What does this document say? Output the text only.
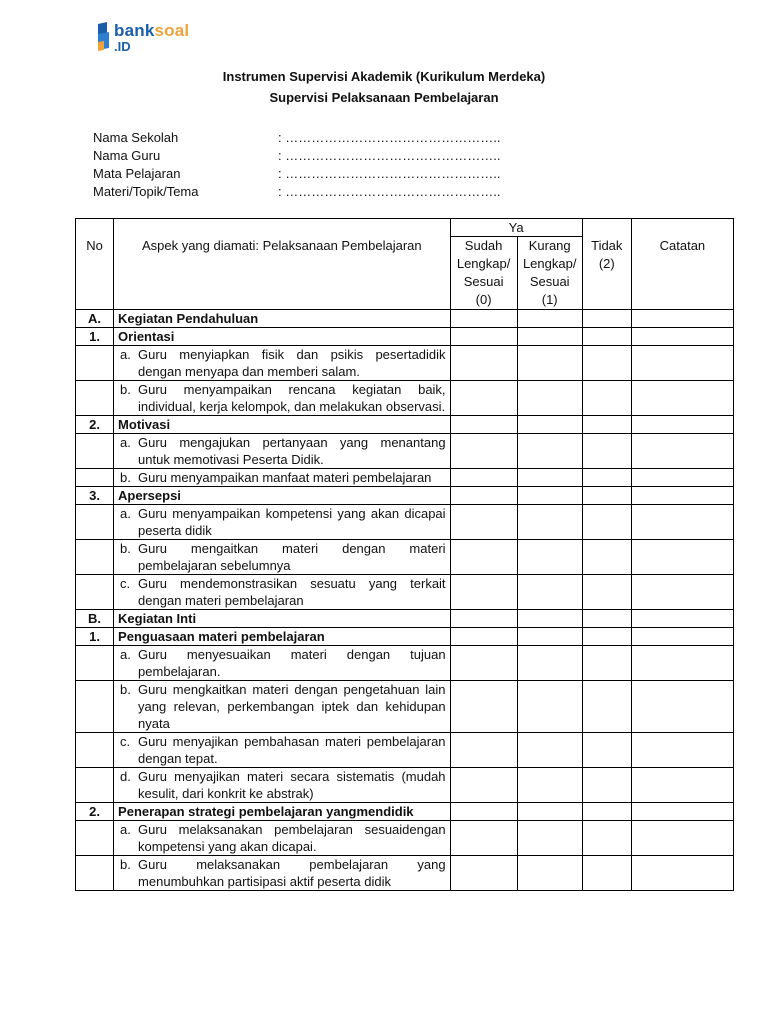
banksoal
.ID
Instrumen Supervisi Akademik (Kurikulum Merdeka)
Supervisi Pelaksanaan Pembelajaran
Nama Sekolah	: …………………………………………..
Nama Guru	: …………………………………………..
Mata Pelajaran	: …………………………………………..
Materi/Topik/Tema	: …………………………………………..
No	Aspek yang diamati: Pelaksanaan Pembelajaran	Ya		Tidak (2)	Catatan
		Sudah Lengkap/ Sesuai (0)	Kurang Lengkap/ Sesuai (1)		
A.	Kegiatan Pendahuluan				
1.	Orientasi				

	a. Guru menyiapkan fisik dan psikis pesertadidik dengan menyapa dan memberi salam.				

	b. Guru menyampaikan rencana kegiatan baik, individual, kerja kelompok, dan melakukan observasi.				

2.	Motivasi				

	a. Guru mengajukan pertanyaan yang menantang untuk memotivasi Peserta Didik.				

	b. Guru menyampaikan manfaat materi pembelajaran				

3.	Apersepsi				

	a. Guru menyampaikan kompetensi yang akan dicapai peserta didik				

	b. Guru mengaitkan materi dengan materi pembelajaran sebelumnya				

	c. Guru mendemonstrasikan sesuatu yang terkait dengan materi pembelajaran				

B.	Kegiatan Inti				
1.	Penguasaan materi pembelajaran				

	a. Guru menyesuaikan materi dengan tujuan pembelajaran.				

	b. Guru mengkaitkan materi dengan pengetahuan lain yang relevan, perkembangan iptek dan kehidupan nyata				

	c. Guru menyajikan pembahasan materi pembelajaran dengan tepat.				

	d. Guru menyajikan materi secara sistematis (mudah kesulit, dari konkrit ke abstrak)				

2.	Penerapan strategi pembelajaran yangmendidik				

	a. Guru melaksanakan pembelajaran sesuaidengan kompetensi yang akan dicapai.				

	b. Guru melaksanakan pembelajaran yang menumbuhkan partisipasi aktif peserta didik				
